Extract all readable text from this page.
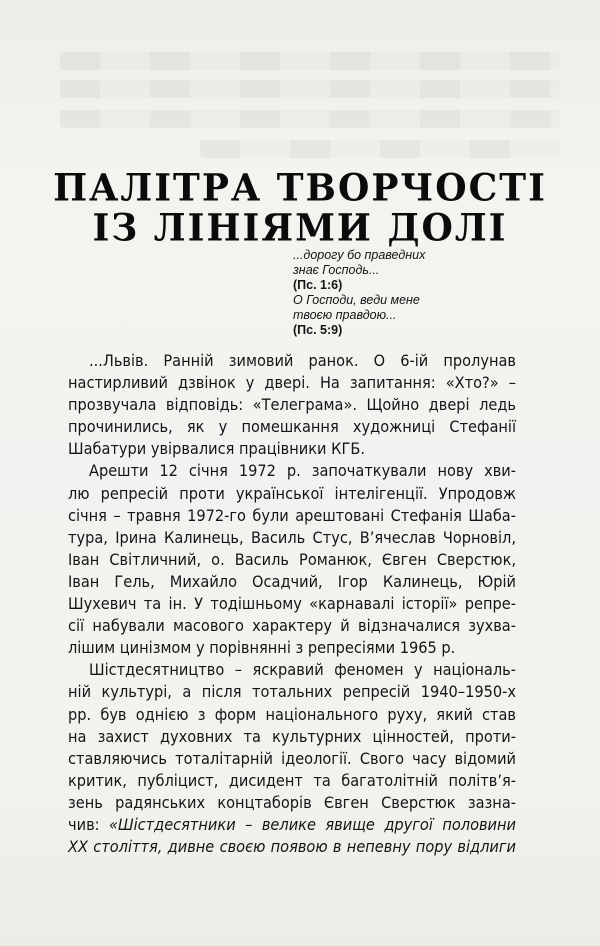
ПАЛІТРА ТВОРЧОСТІ
ІЗ ЛІНІЯМИ ДОЛІ
...дорогу бо праведних
знає Господь...
(Пс. 1:6)
О Господи, веди мене
твоєю правдою...
(Пс. 5:9)
...Львів. Ранній зимовий ранок. О 6-ій пролунав
настирливий дзвінок у двері. На запитання: «Хто?» –
прозвучала відповідь: «Телеграма». Щойно двері ледь
прочинились, як у помешкання художниці Стефанії
Шабатури увірвалися працівники КГБ.
Арешти 12 січня 1972 р. започаткували нову хви-
лю репресій проти української інтелігенції. Упродовж
січня – травня 1972-го були арештовані Стефанія Шаба-
тура, Ірина Калинець, Василь Стус, В’ячеслав Чорновіл,
Іван Світличний, о. Василь Романюк, Євген Сверстюк,
Іван Гель, Михайло Осадчий, Ігор Калинець, Юрій
Шухевич та ін. У тодішньому «карнавалі історії» репре-
сії набували масового характеру й відзначалися зухва-
лішим цинізмом у порівнянні з репресіями 1965 р.
Шістдесятництво – яскравий феномен у національ-
ній культурі, а після тотальних репресій 1940–1950-х
рр. був однією з форм національного руху, який став
на захист духовних та культурних цінностей, проти-
ставляючись тоталітарній ідеології. Свого часу відомий
критик, публіцист, дисидент та багатолітній політв’я-
зень радянських концтаборів Євген Сверстюк зазна-
чив: «Шістдесятники – велике явище другої половини
XX століття, дивне своєю появою в непевну пору відлиги
